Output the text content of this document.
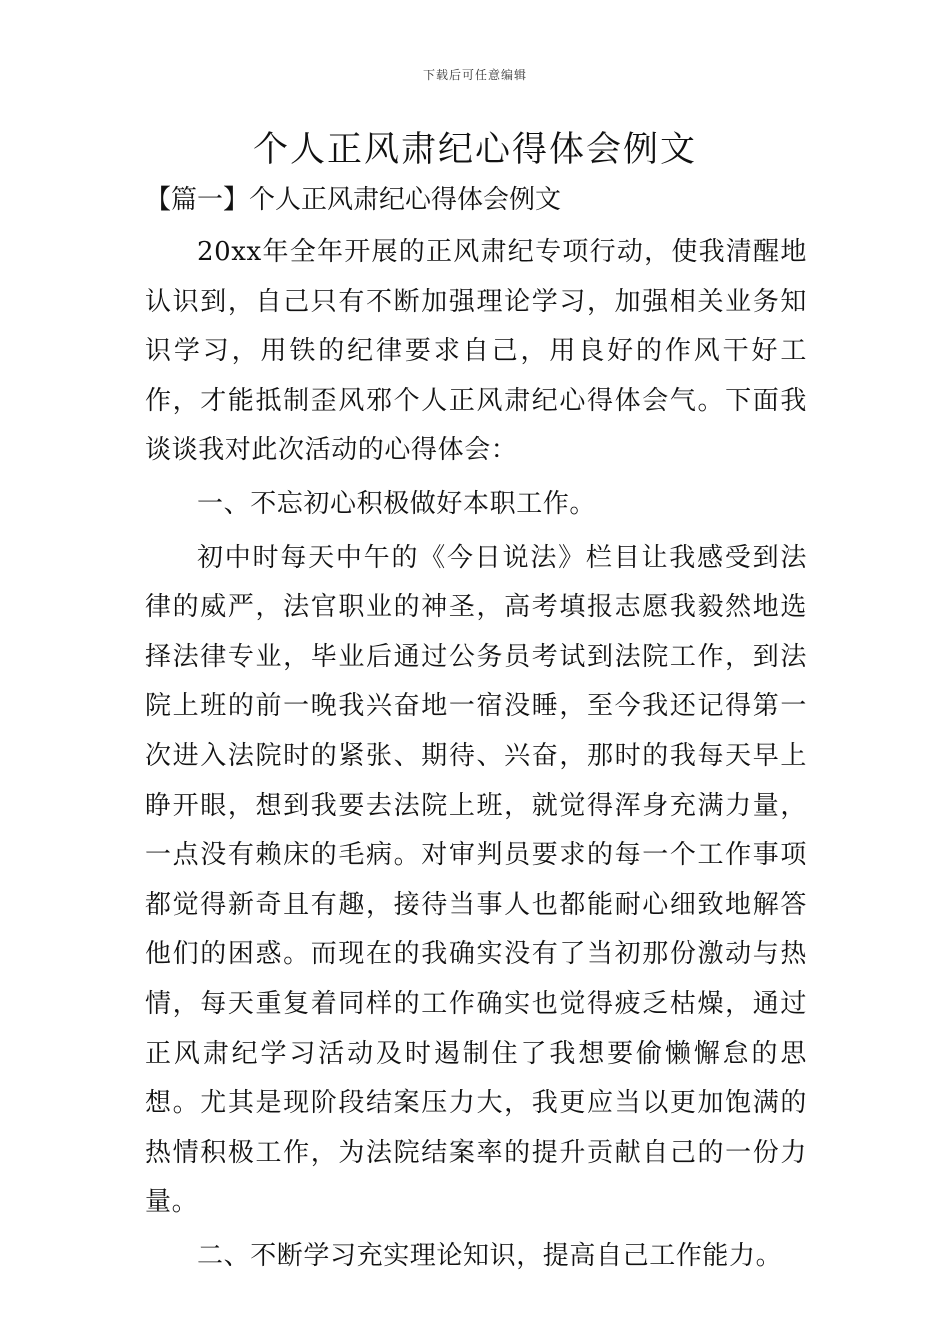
下载后可任意编辑
个人正风肃纪心得体会例文
【篇一】个人正风肃纪心得体会例文

20xx年全年开展的正风肃纪专项行动，使我清醒地认识到，自己只有不断加强理论学习，加强相关业务知识学习，用铁的纪律要求自己，用良好的作风干好工作，才能抵制歪风邪个人正风肃纪心得体会气。下面我谈谈我对此次活动的心得体会：

一、不忘初心积极做好本职工作。

初中时每天中午的《今日说法》栏目让我感受到法律的威严，法官职业的神圣，高考填报志愿我毅然地选择法律专业，毕业后通过公务员考试到法院工作，到法院上班的前一晚我兴奋地一宿没睡，至今我还记得第一次进入法院时的紧张、期待、兴奋，那时的我每天早上睁开眼，想到我要去法院上班，就觉得浑身充满力量，一点没有赖床的毛病。对审判员要求的每一个工作事项都觉得新奇且有趣，接待当事人也都能耐心细致地解答他们的困惑。而现在的我确实没有了当初那份激动与热情，每天重复着同样的工作确实也觉得疲乏枯燥，通过正风肃纪学习活动及时遏制住了我想要偷懒懈怠的思想。尤其是现阶段结案压力大，我更应当以更加饱满的热情积极工作，为法院结案率的提升贡献自己的一份力量。

二、不断学习充实理论知识，提高自己工作能力。
